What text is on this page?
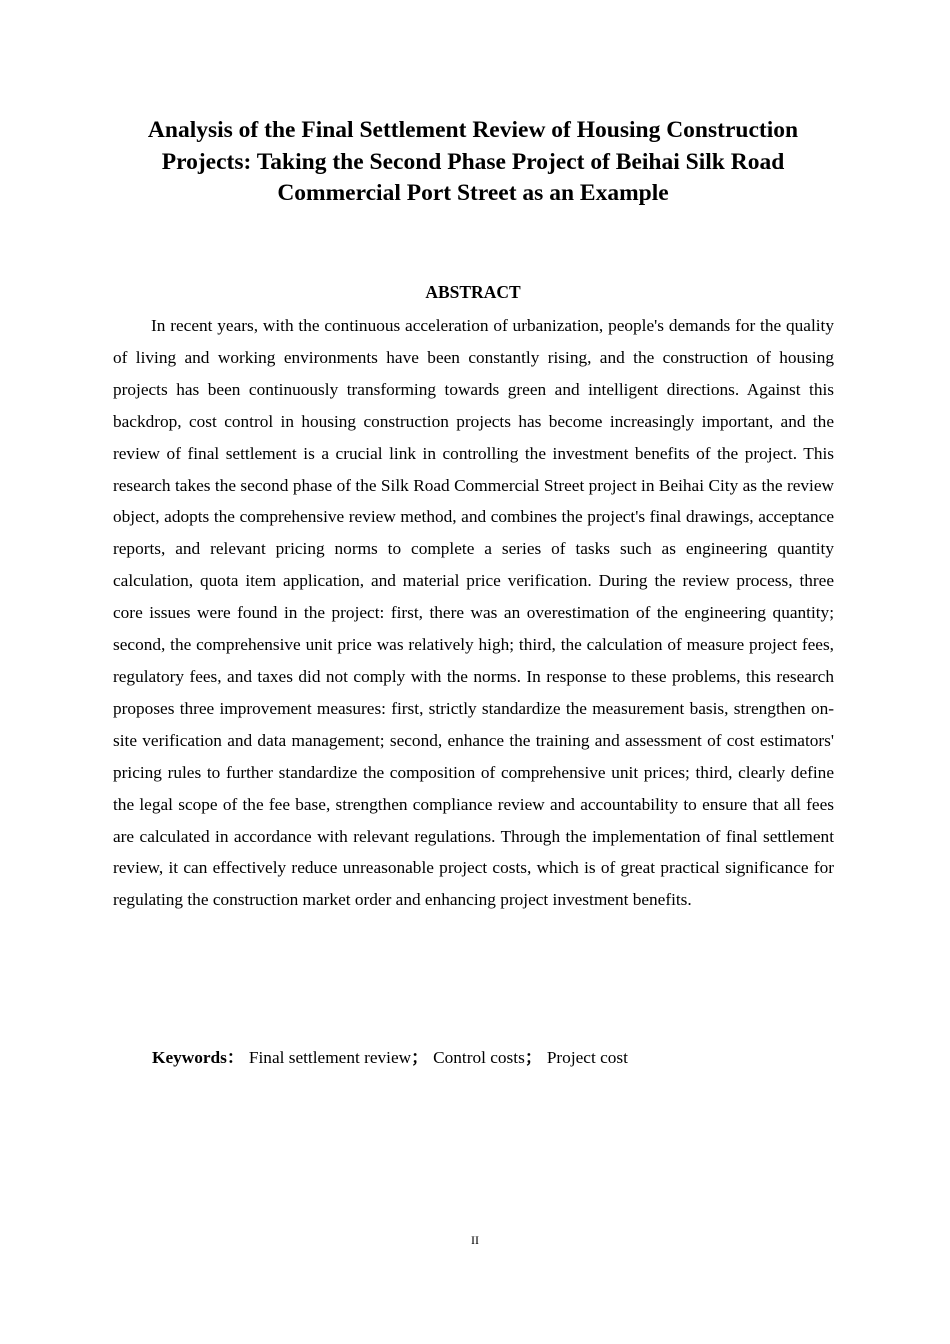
Analysis of the Final Settlement Review of Housing Construction
Projects: Taking the Second Phase Project of Beihai Silk Road
Commercial Port Street as an Example
ABSTRACT

In recent years, with the continuous acceleration of urbanization, people's demands for the quality of living and working environments have been constantly rising, and the construction of housing projects has been continuously transforming towards green and intelligent directions. Against this backdrop, cost control in housing construction projects has become increasingly important, and the review of final settlement is a crucial link in controlling the investment benefits of the project. This research takes the second phase of the Silk Road Commercial Street project in Beihai City as the review object, adopts the comprehensive review method, and combines the project's final drawings, acceptance reports, and relevant pricing norms to complete a series of tasks such as engineering quantity calculation, quota item application, and material price verification. During the review process, three core issues were found in the project: first, there was an overestimation of the engineering quantity; second, the comprehensive unit price was relatively high; third, the calculation of measure project fees, regulatory fees, and taxes did not comply with the norms. In response to these problems, this research proposes three improvement measures: first, strictly standardize the measurement basis, strengthen on-site verification and data management; second, enhance the training and assessment of cost estimators' pricing rules to further standardize the composition of comprehensive unit prices; third, clearly define the legal scope of the fee base, strengthen compliance review and accountability to ensure that all fees are calculated in accordance with relevant regulations. Through the implementation of final settlement review, it can effectively reduce unreasonable project costs, which is of great practical significance for regulating the construction market order and enhancing project investment benefits.

Keywords： Final settlement review； Control costs； Project cost

II
